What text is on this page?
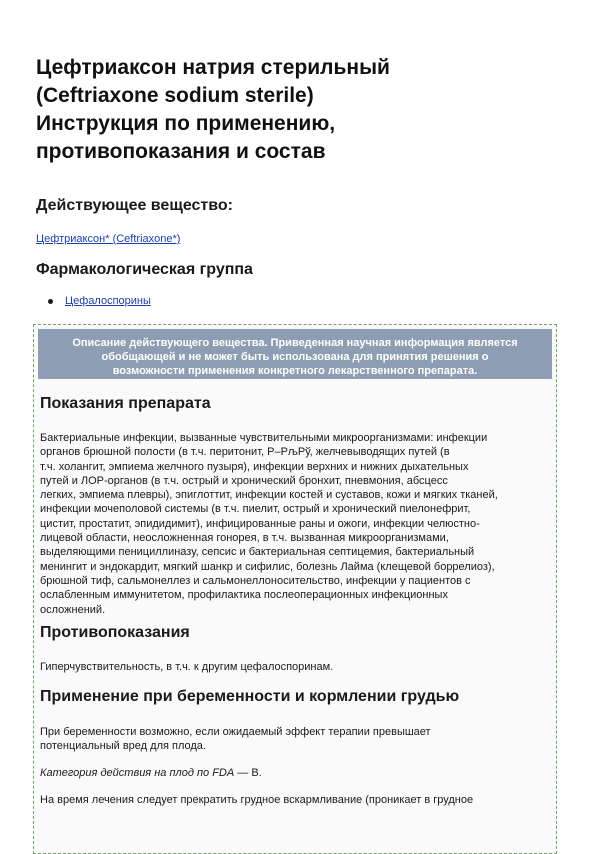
Цефтриаксон натрия стерильный
(Ceftriaxone sodium sterile)
Инструкция по применению,
противопоказания и состав
Действующее вещество:
Цефтриаксон* (Ceftriaxone*)
Фармакологическая группа
Цефалоспорины
Описание действующего вещества. Приведенная научная информация является
обобщающей и не может быть использована для принятия решения о
возможности применения конкретного лекарственного препарата.
Показания препарата
Бактериальные инфекции, вызванные чувствительными микроорганизмами: инфекции
органов брюшной полости (в т.ч. перитонит, Р–РљРў, желчевыводящих путей (в
т.ч. холангит, эмпиема желчного пузыря), инфекции верхних и нижних дыхательных
путей и ЛОР-органов (в т.ч. острый и хронический бронхит, пневмония, абсцесс
легких, эмпиема плевры), эпиглоттит, инфекции костей и суставов, кожи и мягких тканей,
инфекции мочеполовой системы (в т.ч. пиелит, острый и хронический пиелонефрит,
цистит, простатит, эпидидимит), инфицированные раны и ожоги, инфекции челюстно-
лицевой области, неосложненная гонорея, в т.ч. вызванная микроорганизмами,
выделяющими пенициллиназу, сепсис и бактериальная септицемия, бактериальный
менингит и эндокардит, мягкий шанкр и сифилис, болезнь Лайма (клещевой боррелиоз),
брюшной тиф, сальмонеллез и сальмонеллоносительство, инфекции у пациентов с
ослабленным иммунитетом, профилактика послеоперационных инфекционных
осложнений.
Противопоказания
Гиперчувствительность, в т.ч. к другим цефалоспоринам.
Применение при беременности и кормлении грудью
При беременности возможно, если ожидаемый эффект терапии превышает
потенциальный вред для плода.
Категория действия на плод по FDA — B.
На время лечения следует прекратить грудное вскармливание (проникает в грудное
